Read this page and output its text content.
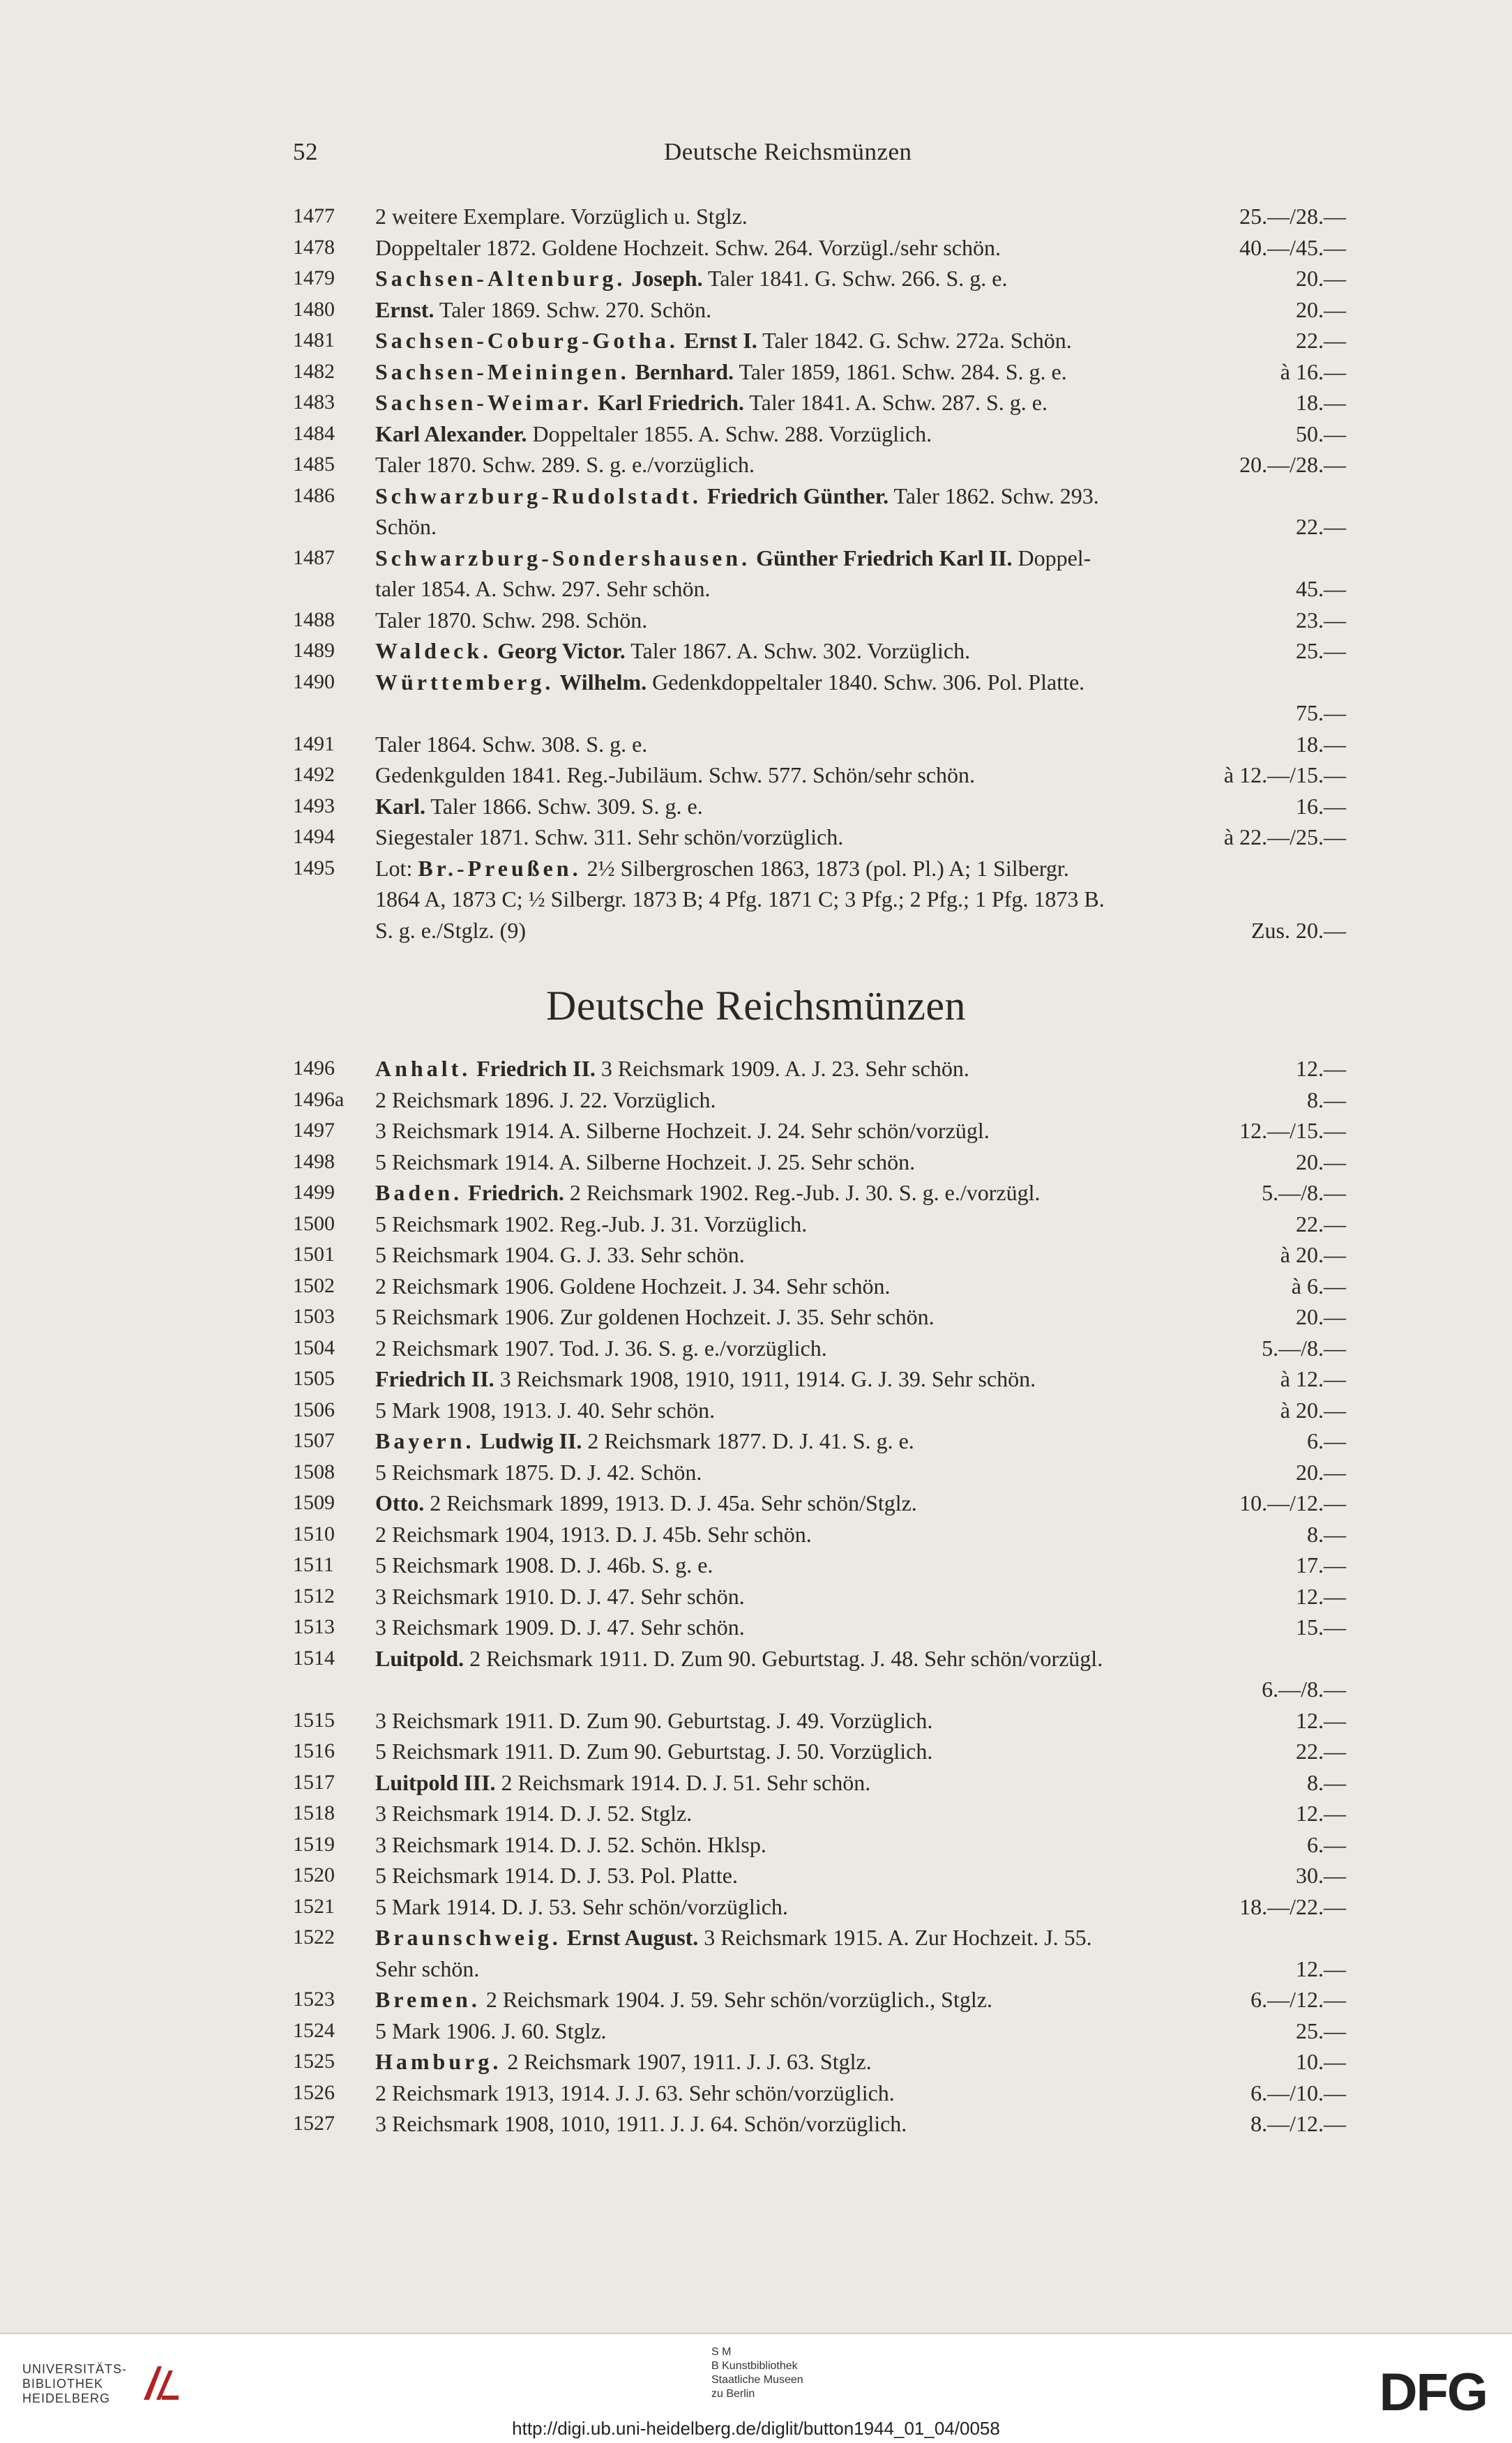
52	Deutsche Reichsmünzen
1477	2 weitere Exemplare. Vorzüglich u. Stglz.	25.—/28.—
1478	Doppeltaler 1872. Goldene Hochzeit. Schw. 264. Vorzügl./sehr schön.	40.—/45.—
1479	Sachsen-Altenburg. Joseph. Taler 1841. G. Schw. 266. S. g. e.	20.—
1480	Ernst. Taler 1869. Schw. 270. Schön.	20.—
1481	Sachsen-Coburg-Gotha. Ernst I. Taler 1842. G. Schw. 272a. Schön.	22.—
1482	Sachsen-Meiningen. Bernhard. Taler 1859, 1861. Schw. 284. S. g. e.	à 16.—
1483	Sachsen-Weimar. Karl Friedrich. Taler 1841. A. Schw. 287. S. g. e.	18.—
1484	Karl Alexander. Doppeltaler 1855. A. Schw. 288. Vorzüglich.	50.—
1485	Taler 1870. Schw. 289. S. g. e./vorzüglich.	20.—/28.—
1486	Schwarzburg-Rudolstadt. Friedrich Günther. Taler 1862. Schw. 293.
Schön.	22.—
1487	Schwarzburg-Sondershausen. Günther Friedrich Karl II. Doppel-
taler 1854. A. Schw. 297. Sehr schön.	45.—
1488	Taler 1870. Schw. 298. Schön.	23.—
1489	Waldeck. Georg Victor. Taler 1867. A. Schw. 302. Vorzüglich.	25.—
1490	Württemberg. Wilhelm. Gedenkdoppeltaler 1840. Schw. 306. Pol. Platte.
75.—
1491	Taler 1864. Schw. 308. S. g. e.	18.—
1492	Gedenkgulden 1841. Reg.-Jubiläum. Schw. 577. Schön/sehr schön.	à 12.—/15.—
1493	Karl. Taler 1866. Schw. 309. S. g. e.	16.—
1494	Siegestaler 1871. Schw. 311. Sehr schön/vorzüglich.	à 22.—/25.—
1495	Lot: Br.-Preußen. 2½ Silbergroschen 1863, 1873 (pol. Pl.) A; 1 Silbergr.
1864 A, 1873 C; ½ Silbergr. 1873 B; 4 Pfg. 1871 C; 3 Pfg.; 2 Pfg.; 1 Pfg. 1873 B.
S. g. e./Stglz. (9)	Zus. 20.—
Deutsche Reichsmünzen
1496	Anhalt. Friedrich II. 3 Reichsmark 1909. A. J. 23. Sehr schön.	12.—
1496a	2 Reichsmark 1896. J. 22. Vorzüglich.	8.—
1497	3 Reichsmark 1914. A. Silberne Hochzeit. J. 24. Sehr schön/vorzügl.	12.—/15.—
1498	5 Reichsmark 1914. A. Silberne Hochzeit. J. 25. Sehr schön.	20.—
1499	Baden. Friedrich. 2 Reichsmark 1902. Reg.-Jub. J. 30. S. g. e./vorzügl.	5.—/8.—
1500	5 Reichsmark 1902. Reg.-Jub. J. 31. Vorzüglich.	22.—
1501	5 Reichsmark 1904. G. J. 33. Sehr schön.	à 20.—
1502	2 Reichsmark 1906. Goldene Hochzeit. J. 34. Sehr schön.	à 6.—
1503	5 Reichsmark 1906. Zur goldenen Hochzeit. J. 35. Sehr schön.	20.—
1504	2 Reichsmark 1907. Tod. J. 36. S. g. e./vorzüglich.	5.—/8.—
1505	Friedrich II. 3 Reichsmark 1908, 1910, 1911, 1914. G. J. 39. Sehr schön.	à 12.—
1506	5 Mark 1908, 1913. J. 40. Sehr schön.	à 20.—
1507	Bayern. Ludwig II. 2 Reichsmark 1877. D. J. 41. S. g. e.	6.—
1508	5 Reichsmark 1875. D. J. 42. Schön.	20.—
1509	Otto. 2 Reichsmark 1899, 1913. D. J. 45a. Sehr schön/Stglz.	10.—/12.—
1510	2 Reichsmark 1904, 1913. D. J. 45b. Sehr schön.	8.—
1511	5 Reichsmark 1908. D. J. 46b. S. g. e.	17.—
1512	3 Reichsmark 1910. D. J. 47. Sehr schön.	12.—
1513	3 Reichsmark 1909. D. J. 47. Sehr schön.	15.—
1514	Luitpold. 2 Reichsmark 1911. D. Zum 90. Geburtstag. J. 48. Sehr schön/vorzügl.
6.—/8.—
1515	3 Reichsmark 1911. D. Zum 90. Geburtstag. J. 49. Vorzüglich.	12.—
1516	5 Reichsmark 1911. D. Zum 90. Geburtstag. J. 50. Vorzüglich.	22.—
1517	Luitpold III. 2 Reichsmark 1914. D. J. 51. Sehr schön.	8.—
1518	3 Reichsmark 1914. D. J. 52. Stglz.	12.—
1519	3 Reichsmark 1914. D. J. 52. Schön. Hklsp.	6.—
1520	5 Reichsmark 1914. D. J. 53. Pol. Platte.	30.—
1521	5 Mark 1914. D. J. 53. Sehr schön/vorzüglich.	18.—/22.—
1522	Braunschweig. Ernst August. 3 Reichsmark 1915. A. Zur Hochzeit. J. 55.
Sehr schön.	12.—
1523	Bremen. 2 Reichsmark 1904. J. 59. Sehr schön/vorzüglich., Stglz.	6.—/12.—
1524	5 Mark 1906. J. 60. Stglz.	25.—
1525	Hamburg. 2 Reichsmark 1907, 1911. J. J. 63. Stglz.	10.—
1526	2 Reichsmark 1913, 1914. J. J. 63. Sehr schön/vorzüglich.	6.—/10.—
1527	3 Reichsmark 1908, 1010, 1911. J. J. 64. Schön/vorzüglich.	8.—/12.—
UNIVERSITÄTS-
BIBLIOTHEK
HEIDELBERG
S M
B Kunstbibliothek
Staatliche Museen
zu Berlin	DFG
http://digi.ub.uni-heidelberg.de/diglit/button1944_01_04/0058
